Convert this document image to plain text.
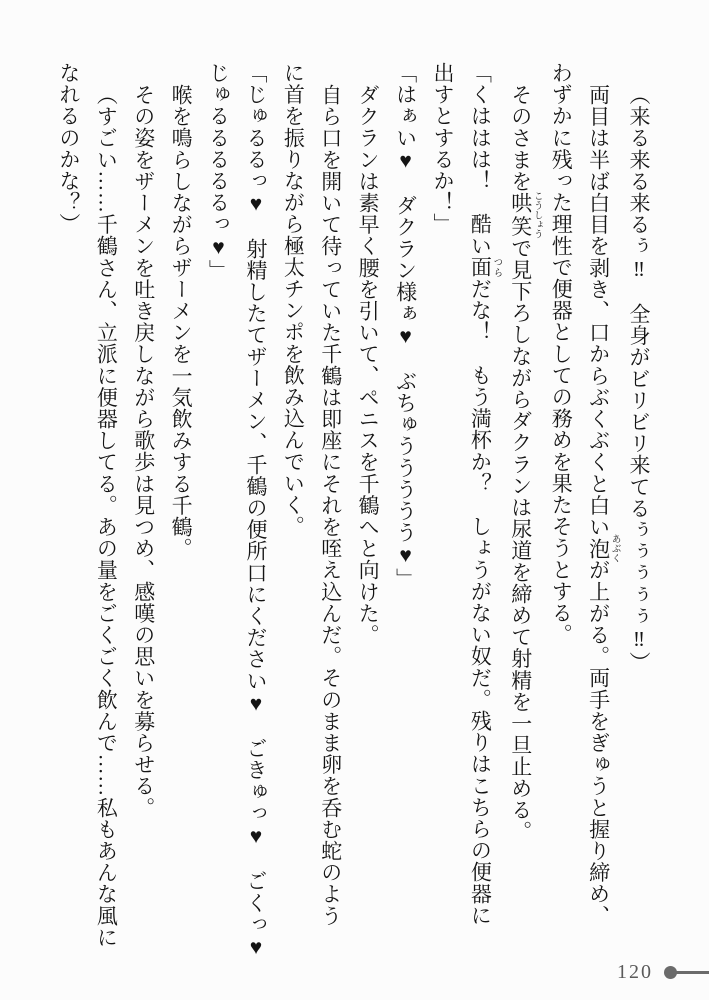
（来る来る来るぅ‼　全身がビリビリ来てるぅぅぅぅぅ‼）

両目は半ば白目を剥き、口からぶくぶくと白い泡 あぶくが上がる。両手をぎゅうと握り締め、

わずかに残った理性で便器としての務めを果たそうとする。

そのさまを哄笑 こうしょうで見下ろしながらダクランは尿道を締めて射精を一旦止める。

「くははは！　酷い面 つらだな！　もう満杯か？　しょうがない奴だ。残りはこちらの便器に

出すとするか！」

「はぁい♥　ダクラン様ぁ♥　ぶちゅううううう♥」

ダクランは素早く腰を引いて、ペニスを千鶴へと向けた。

自ら口を開いて待っていた千鶴は即座にそれを咥え込んだ。そのまま卵を呑む蛇のよう

に首を振りながら極太チンポを飲み込んでいく。

「じゅるるっ♥　射精したてザーメン、千鶴の便所口にください♥　ごきゅっ♥　ごくっ♥

じゅるるるるるっ♥」

喉を鳴らしながらザーメンを一気飲みする千鶴。

その姿をザーメンを吐き戻しながら歌歩は見つめ、感嘆の思いを募らせる。

（すごい……千鶴さん、立派に便器してる。あの量をごくごく飲んで……私もあんな風に

なれるのかな？）

120
